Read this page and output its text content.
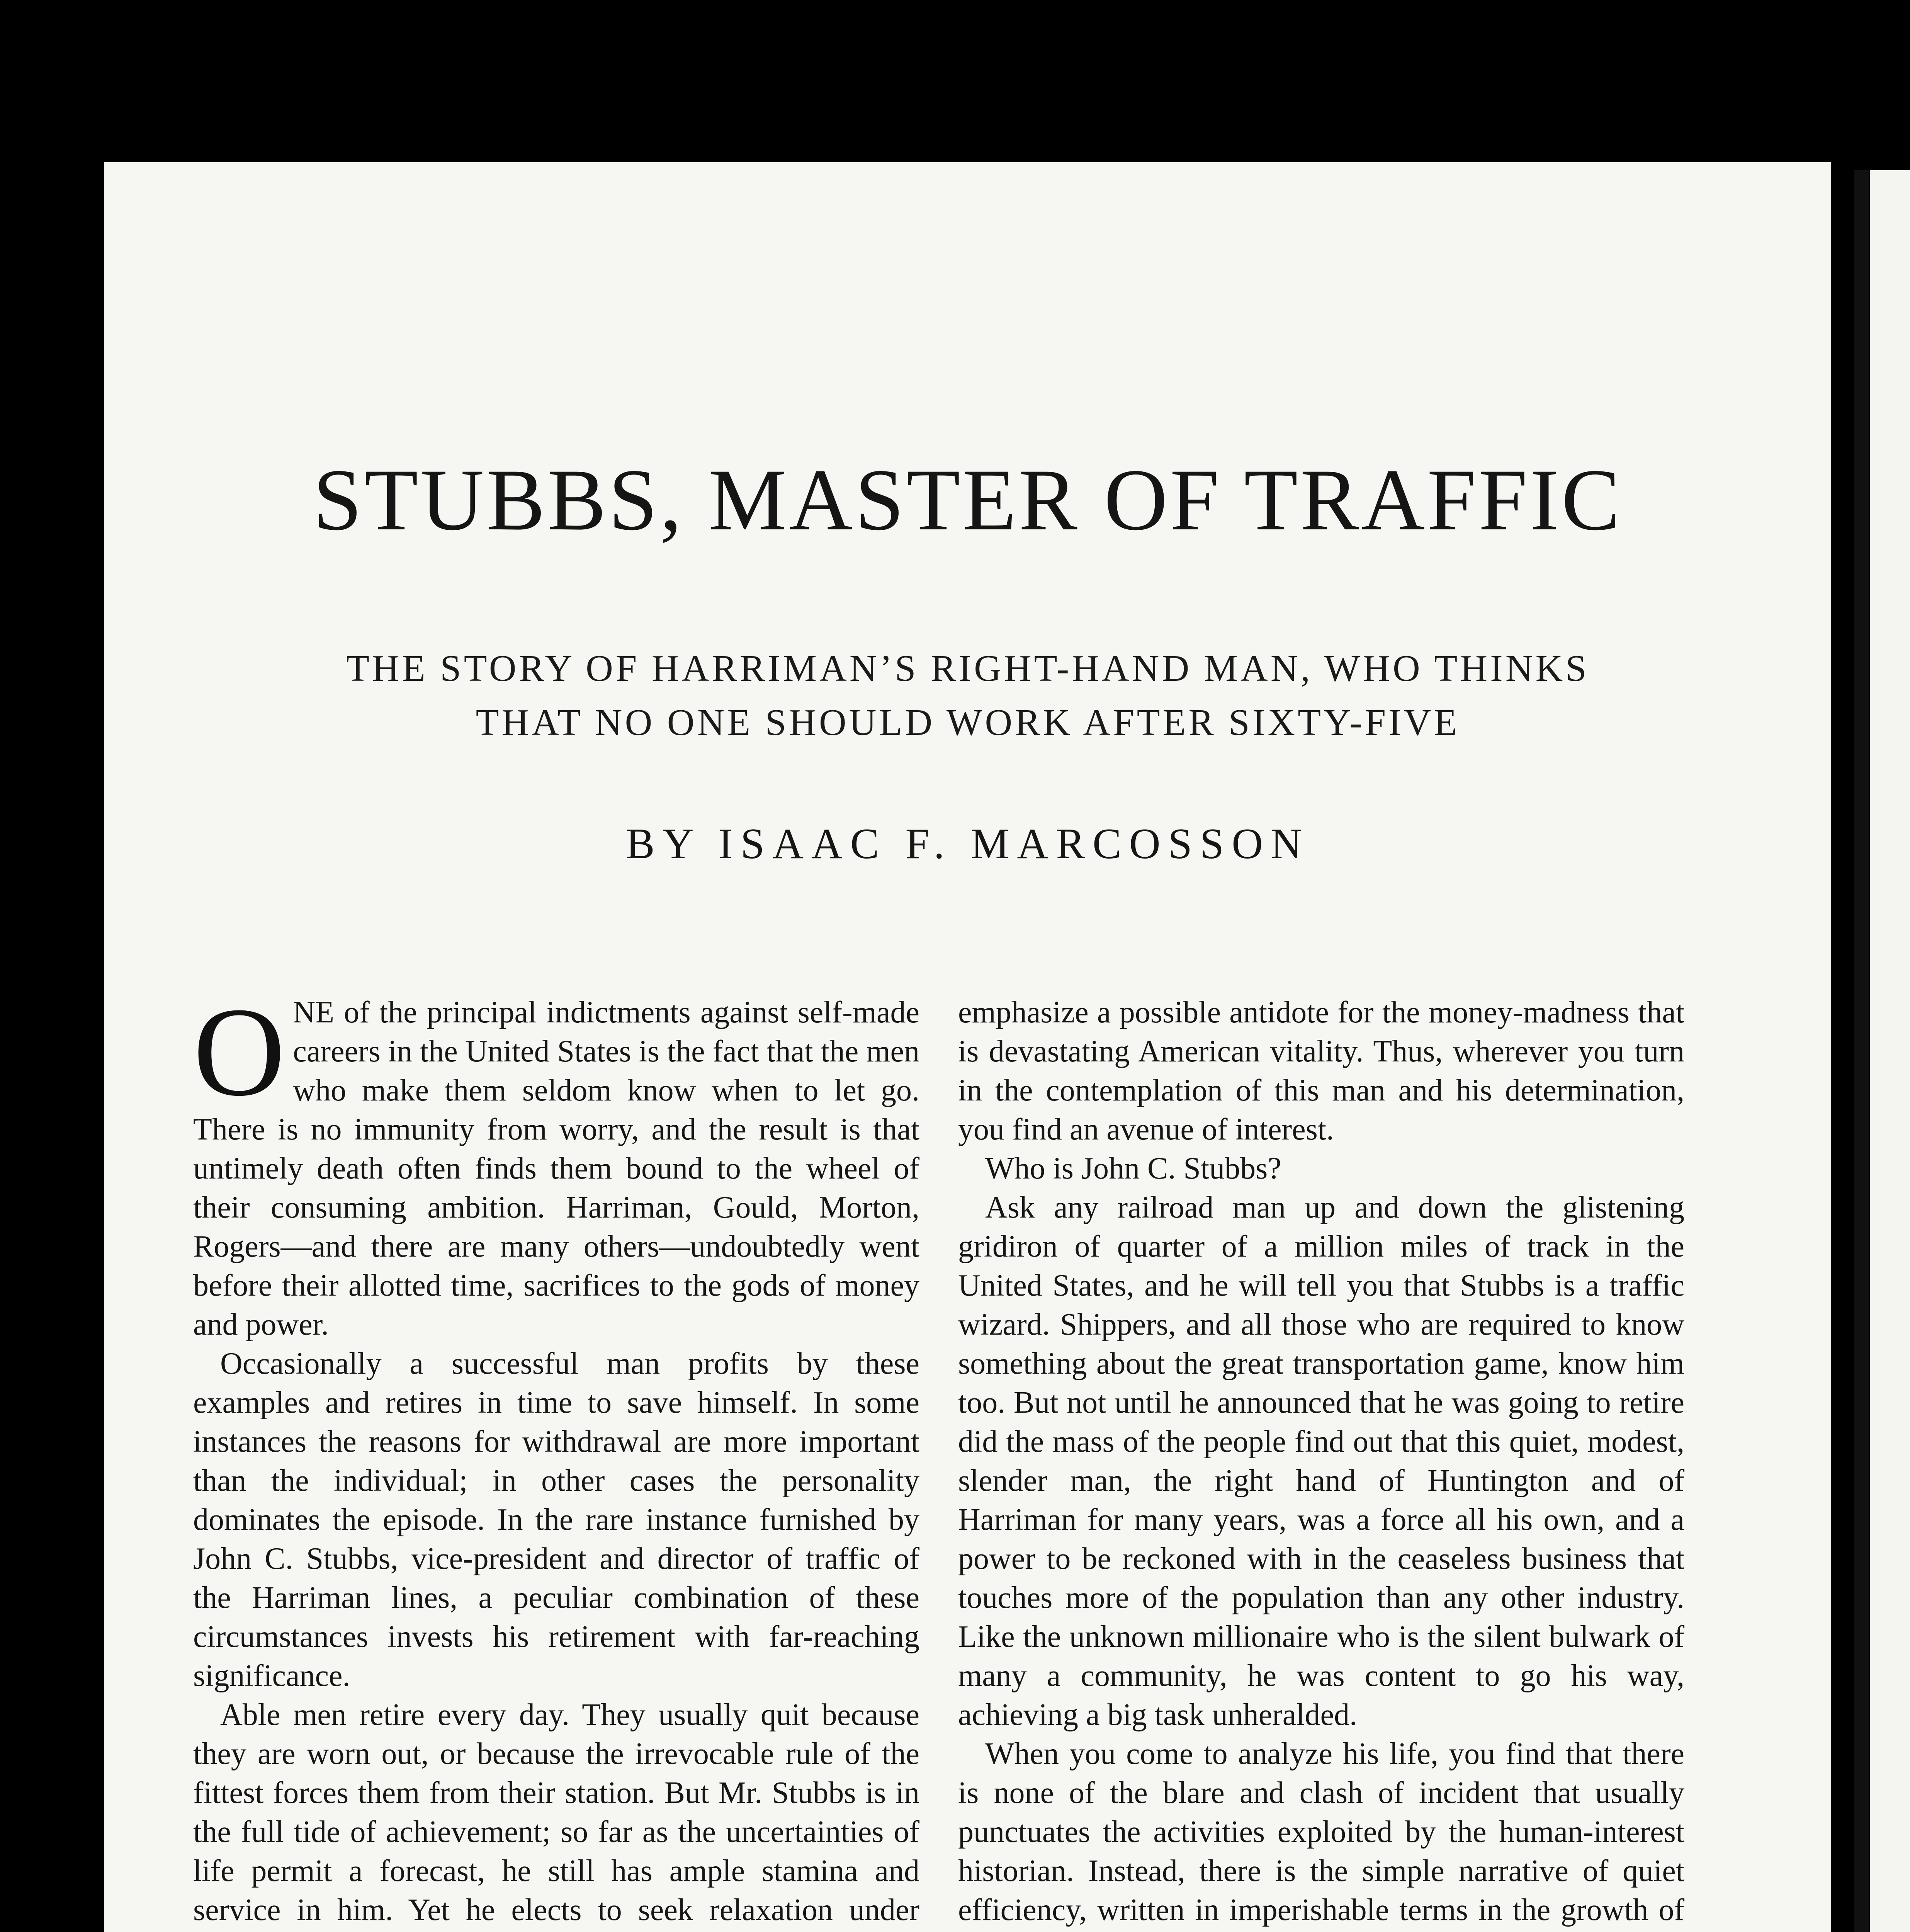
STUBBS, MASTER OF TRAFFIC
THE STORY OF HARRIMAN’S RIGHT-HAND MAN, WHO THINKS
THAT NO ONE SHOULD WORK AFTER SIXTY-FIVE
BY ISAAC F. MARCOSSON

ONE of the principal indictments against self-made careers in the United States is the fact that the men who make them seldom know when to let go. There is no immunity from worry, and the result is that untimely death often finds them bound to the wheel of their consuming ambition. Harriman, Gould, Morton, Rogers—and there are many others—undoubtedly went before their allotted time, sacrifices to the gods of money and power.

Occasionally a successful man profits by these examples and retires in time to save himself. In some instances the reasons for withdrawal are more important than the individual; in other cases the personality dominates the episode. In the rare instance furnished by John C. Stubbs, vice-president and director of traffic of the Harriman lines, a peculiar combination of these circumstances invests his retirement with far-reaching significance.

Able men retire every day. They usually quit because they are worn out, or because the irrevocable rule of the fittest forces them from their station. But Mr. Stubbs is in the full tide of achievement; so far as the uncertainties of life permit a forecast, he still has ample stamina and service in him. Yet he elects to seek relaxation under

emphasize a possible antidote for the money-madness that is devastating American vitality. Thus, wherever you turn in the contemplation of this man and his determination, you find an avenue of interest.

Who is John C. Stubbs?

Ask any railroad man up and down the glistening gridiron of quarter of a million miles of track in the United States, and he will tell you that Stubbs is a traffic wizard. Shippers, and all those who are required to know something about the great transportation game, know him too. But not until he announced that he was going to retire did the mass of the people find out that this quiet, modest, slender man, the right hand of Huntington and of Harriman for many years, was a force all his own, and a power to be reckoned with in the ceaseless business that touches more of the population than any other industry. Like the unknown millionaire who is the silent bulwark of many a community, he was content to go his way, achieving a big task unheralded.

When you come to analyze his life, you find that there is none of the blare and clash of incident that usually punctuates the activities exploited by the human-interest historian. Instead, there is the simple narrative of quiet efficiency, written in imperishable terms in the growth of
